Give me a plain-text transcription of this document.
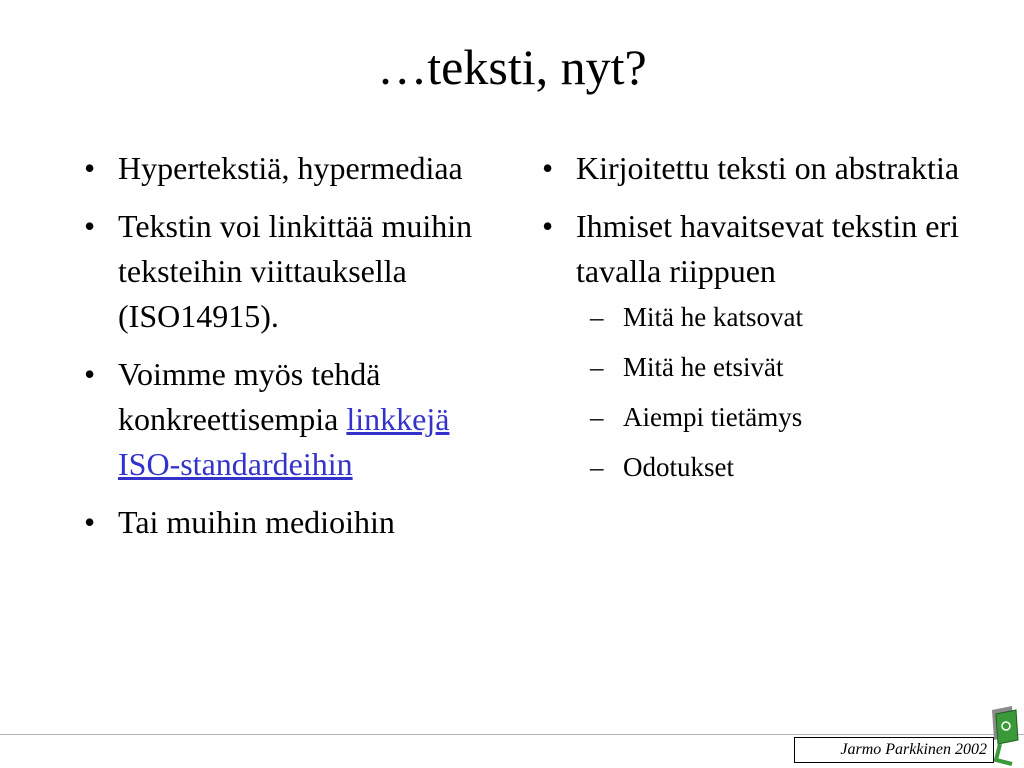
…teksti, nyt?
• Hypertekstiä, hypermediaa
• Tekstin voi linkittää muihin teksteihin viittauksella (ISO14915).
• Voimme myös tehdä konkreettisempia linkkejä ISO-standardeihin
• Tai muihin medioihin
• Kirjoitettu teksti on abstraktia
• Ihmiset havaitsevat tekstin eri tavalla riippuen
– Mitä he katsovat
– Mitä he etsivät
– Aiempi tietämys
– Odotukset
Jarmo Parkkinen 2002
